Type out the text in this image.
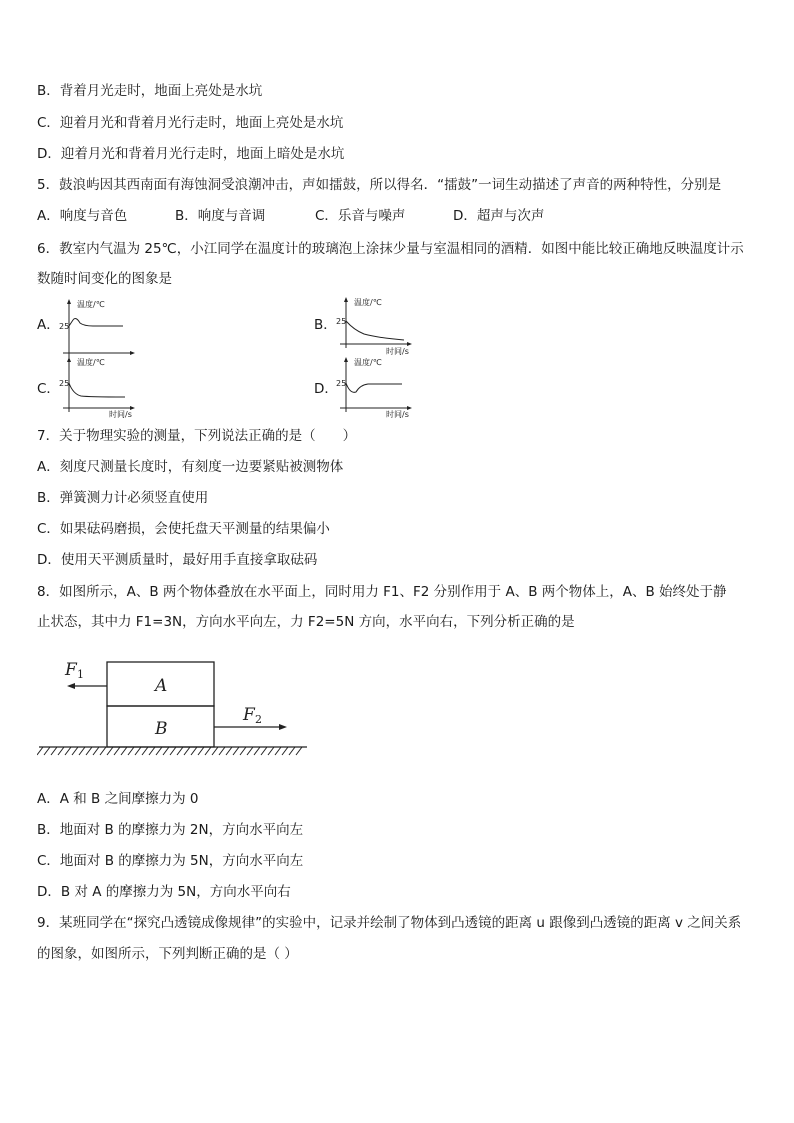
B．背着月光走时，地面上亮处是水坑
C．迎着月光和背着月光行走时，地面上亮处是水坑
D．迎着月光和背着月光行走时，地面上暗处是水坑
5．鼓浪屿因其西南面有海蚀洞受浪潮冲击，声如擂鼓，所以得名．“擂鼓”一词生动描述了声音的两种特性，分别是
A．响度与音色	B．响度与音调	C．乐音与噪声	D．超声与次声
6．教室内气温为 25℃，小江同学在温度计的玻璃泡上涂抹少量与室温相同的酒精．如图中能比较正确地反映温度计示
数随时间变化的图象是
A．
温度/℃
25	B．
温度/℃
25
时间/s
C．
温度/℃
25
时间/s
D．
温度/℃
25
时间/s
7．关于物理实验的测量，下列说法正确的是（　　）
A．刻度尺测量长度时，有刻度一边要紧贴被测物体
B．弹簧测力计必须竖直使用
C．如果砝码磨损，会使托盘天平测量的结果偏小
D．使用天平测质量时，最好用手直接拿取砝码
8．如图所示，A、B 两个物体叠放在水平面上，同时用力 F1、F2 分别作用于 A、B 两个物体上，A、B 始终处于静
止状态，其中力 F1=3N，方向水平向左，力 F2=5N 方向，水平向右，下列分析正确的是
A
B
F 1
F 2
A．A 和 B 之间摩擦力为 0
B．地面对 B 的摩擦力为 2N，方向水平向左
C．地面对 B 的摩擦力为 5N，方向水平向左
D．B 对 A 的摩擦力为 5N，方向水平向右
9．某班同学在“探究凸透镜成像规律”的实验中，记录并绘制了物体到凸透镜的距离 u 跟像到凸透镜的距离 v 之间关系
的图象，如图所示，下列判断正确的是（ ）
